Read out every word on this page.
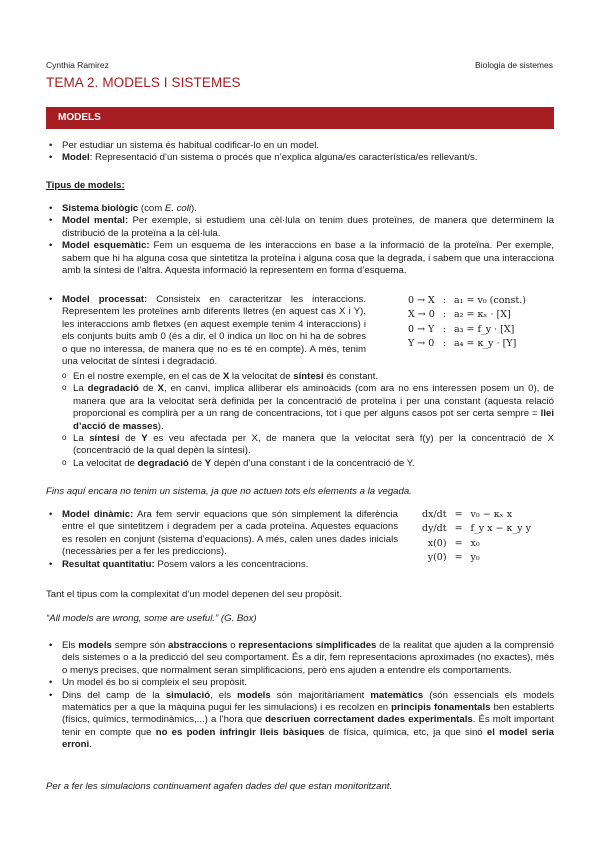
Cynthia Ramirez	Biologia de sistemes
TEMA 2. MODELS I SISTEMES
MODELS
• Per estudiar un sistema és habitual codificar-lo en un model.
• Model: Representació d’un sistema o procés que n’explica alguna/es característica/es rellevant/s.
Tipus de models:
• Sistema biològic (com E. coli).
• Model mental: Per exemple, si estudiem una cèl·lula on tenim dues proteïnes, de manera que determinem la distribució de la proteïna a la cèl·lula.
• Model esquemàtic: Fem un esquema de les interaccions en base a la informació de la proteïna. Per exemple, sabem que hi ha alguna cosa que sintetitza la proteïna i alguna cosa que la degrada, i sabem que una interacciona amb la síntesi de l’altra. Aquesta informació la representem en forma d’esquema.
• Model processat: Consisteix en caracteritzar les interaccions. Representem les proteïnes amb diferents lletres (en aquest cas X i Y), les interaccions amb fletxes (en aquest exemple tenim 4 interaccions) i els conjunts buits amb 0 (és a dir, el 0 indica un lloc on hi ha de sobres o que no interessa, de manera que no es té en compte). A més, tenim una velocitat de síntesi i degradació.
0 → X	:	a₁ = v₀ (const.)
X → 0	:	a₂ = κₓ · [X]
0 → Y	:	a₃ = f_y · [X]
Y → 0	:	a₄ = κ_y · [Y]
o En el nostre exemple, en el cas de X la velocitat de síntesi és constant.
o La degradació de X, en canvi, implica alliberar els aminoàcids (com ara no ens interessen posem un 0), de manera que ara la velocitat serà definida per la concentració de proteïna i per una constant (aquesta relació proporcional es complirà per a un rang de concentracions, tot i que per alguns casos pot ser certa sempre = llei d’acció de masses).
o La síntesi de Y es veu afectada per X, de manera que la velocitat serà f(y) per la concentració de X (concentració de la qual depèn la síntesi).
o La velocitat de degradació de Y depèn d’una constant i de la concentració de Y.
Fins aquí encara no tenim un sistema, ja que no actuen tots els elements a la vegada.
• Model dinàmic: Ara fem servir equacions que són simplement la diferència entre el que sintetitzem i degradem per a cada proteïna. Aquestes equacions es resolen en conjunt (sistema d’equacions). A més, calen unes dades inicials (necessàries per a fer les prediccions).
• Resultat quantitatiu: Posem valors a les concentracions.
dx/dt	=	v₀ − κₓ x
dy/dt	=	f_y x − κ_y y
x(0)	=	x₀
y(0)	=	y₀
Tant el tipus com la complexitat d’un model depenen del seu propòsit.
“All models are wrong, some are useful.” (G. Box)
• Els models sempre són abstraccions o representacions simplificades de la realitat que ajuden a la comprensió dels sistemes o a la predicció del seu comportament. És a dir, fem representacions aproximades (no exactes), més o menys precises, que normalment seran simplificacions, però ens ajuden a entendre els comportaments.
• Un model és bo si compleix el seu propòsit.
• Dins del camp de la simulació, els models són majoritàriament matemàtics (són essencials els models matemàtics per a que la màquina pugui fer les simulacions) i es recolzen en principis fonamentals ben establerts (físics, químics, termodinàmics,...) a l’hora que descriuen correctament dades experimentals. És molt important tenir en compte que no es poden infringir lleis bàsiques de física, química, etc, ja que sinó el model seria erroni.
Per a fer les simulacions continuament agafen dades del que estan monitoritzant.
